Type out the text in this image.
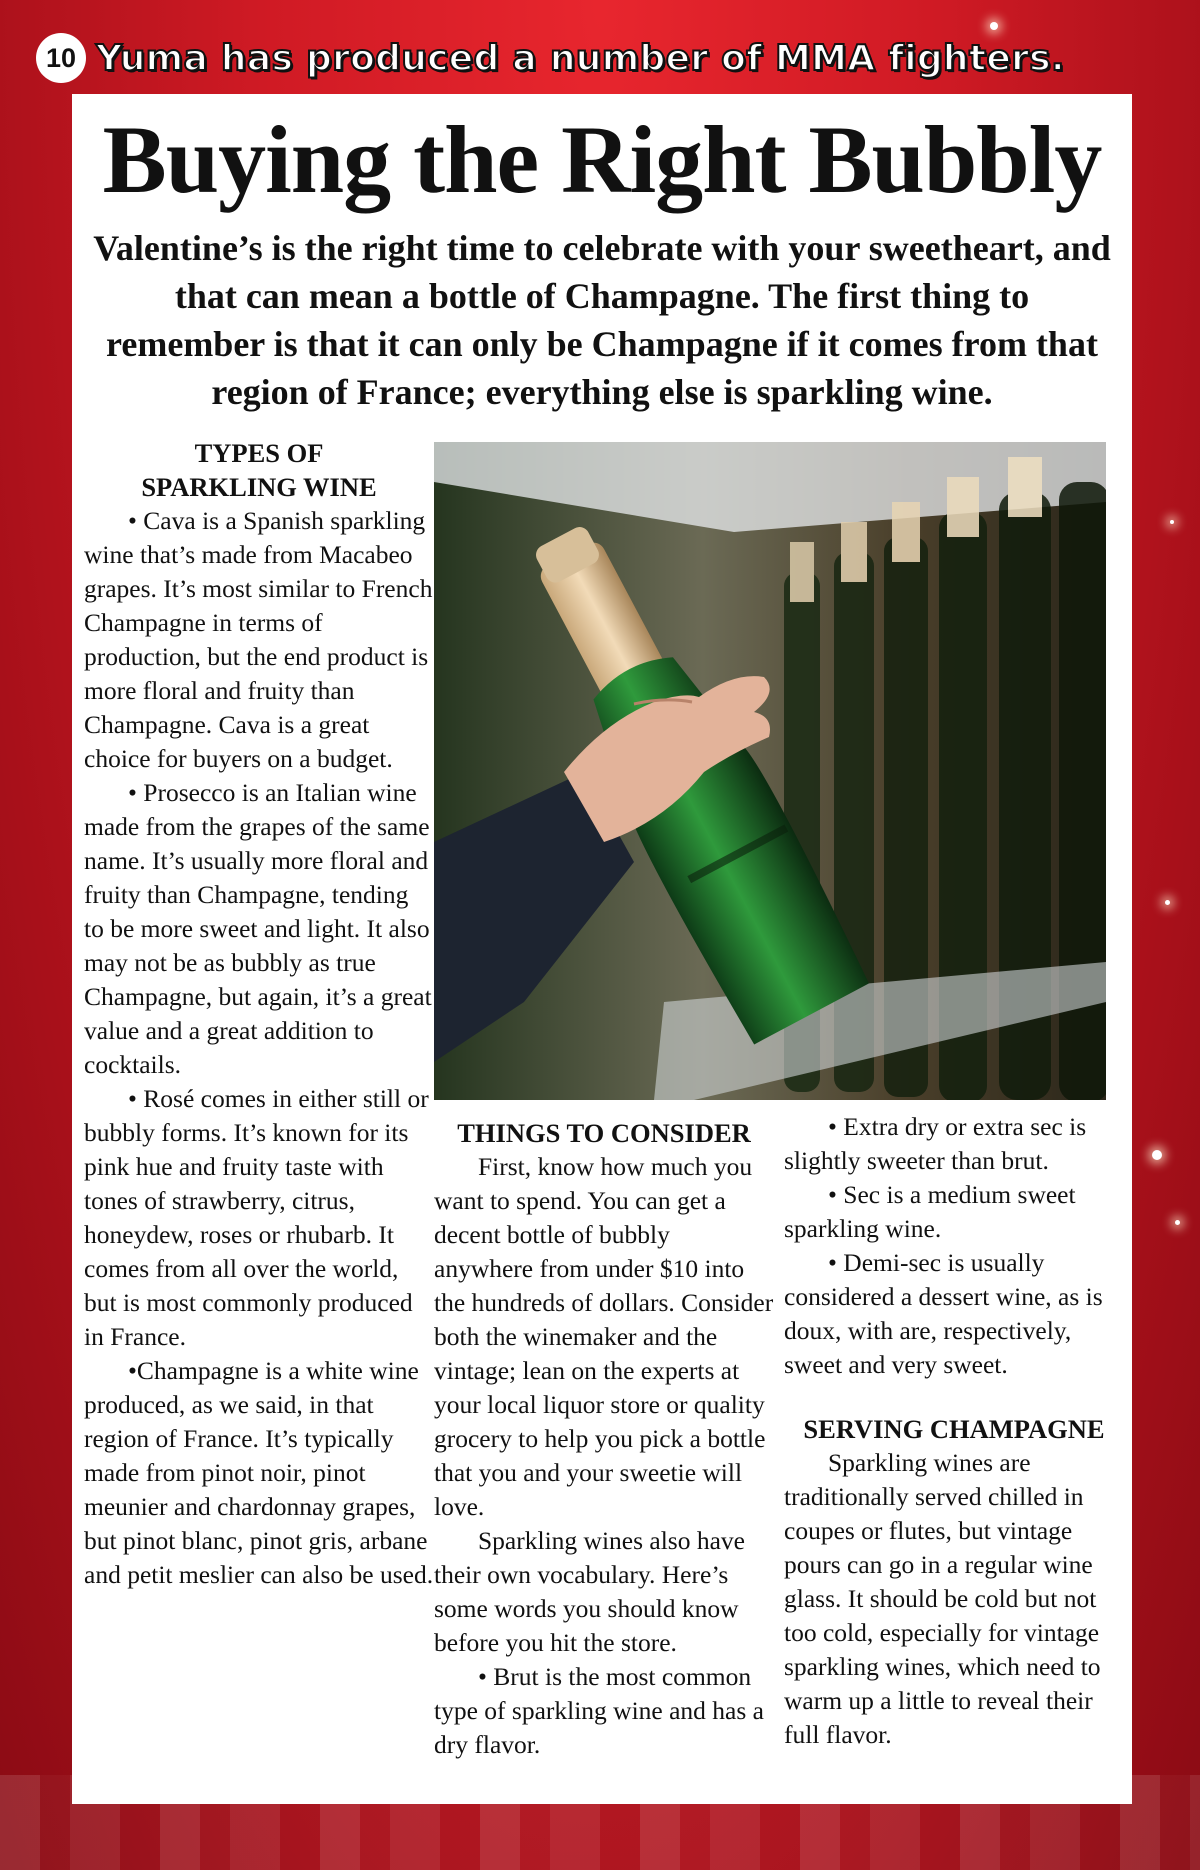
10 Yuma has produced a number of MMA fighters.
Buying the Right Bubbly
Valentine’s is the right time to celebrate with your sweetheart, and that can mean a bottle of Champagne. The first thing to remember is that it can only be Champagne if it comes from that region of France; everything else is sparkling wine.
TYPES OF SPARKLING WINE

• Cava is a Spanish sparkling wine that’s made from Macabeo grapes. It’s most similar to French Champagne in terms of production, but the end product is more floral and fruity than Champagne. Cava is a great choice for buyers on a budget.

• Prosecco is an Italian wine made from the grapes of the same name. It’s usually more floral and fruity than Champagne, tending to be more sweet and light. It also may not be as bubbly as true Champagne, but again, it’s a great value and a great addition to cocktails.

• Rosé comes in either still or bubbly forms. It’s known for its pink hue and fruity taste with tones of strawberry, citrus, honeydew, roses or rhubarb. It comes from all over the world, but is most commonly produced in France.

•Champagne is a white wine produced, as we said, in that region of France. It’s typically made from pinot noir, pinot meunier and chardonnay grapes, but pinot blanc, pinot gris, arbane and petit meslier can also be used.

THINGS TO CONSIDER

First, know how much you want to spend. You can get a decent bottle of bubbly anywhere from under $10 into the hundreds of dollars. Consider both the winemaker and the vintage; lean on the experts at your local liquor store or quality grocery to help you pick a bottle that you and your sweetie will love.

Sparkling wines also have their own vocabulary. Here’s some words you should know before you hit the store.

• Brut is the most common type of sparkling wine and has a dry flavor.

• Extra dry or extra sec is slightly sweeter than brut.

• Sec is a medium sweet sparkling wine.

• Demi-sec is usually considered a dessert wine, as is doux, with are, respectively, sweet and very sweet.

SERVING CHAMPAGNE

Sparkling wines are traditionally served chilled in coupes or flutes, but vintage pours can go in a regular wine glass. It should be cold but not too cold, especially for vintage sparkling wines, which need to warm up a little to reveal their full flavor.
